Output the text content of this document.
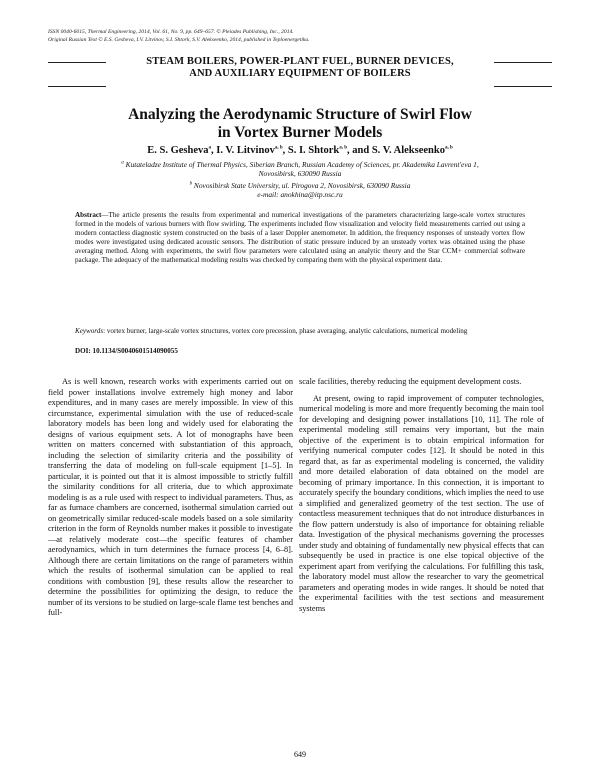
ISSN 0040-6015, Thermal Engineering, 2014, Vol. 61, No. 9, pp. 649–657. © Pleiades Publishing, Inc., 2014.
Original Russian Text © E.S. Gesheva, I.V. Litvinov, S.I. Shtork, S.V. Alekseenko, 2014, published in Teploenergetika.
STEAM BOILERS, POWER-PLANT FUEL, BURNER DEVICES,
AND AUXILIARY EQUIPMENT OF BOILERS
Analyzing the Aerodynamic Structure of Swirl Flow
in Vortex Burner Models
E. S. Gesheva$^a$, I. V. Litvinov$^{a, b}$, S. I. Shtork$^{a, b}$, and S. V. Alekseenko$^{a, b}$
$^a$ Kutateladze Institute of Thermal Physics, Siberian Branch, Russian Academy of Sciences, pr. Akademika Lavrent'eva 1,
Novosibirsk, 630090 Russia
$^b$ Novosibirsk State University, ul. Pirogova 2, Novosibirsk, 630090 Russia
e-mail: anokhina@itp.nsc.ru
Abstract—The article presents the results from experimental and numerical investigations of the parameters characterizing large-scale vortex structures formed in the models of various burners with flow swirling. The experiments included flow visualization and velocity field measurements carried out using a modern contactless diagnostic system constructed on the basis of a laser Doppler anemometer. In addition, the frequency responses of unsteady vortex flow modes were investigated using dedicated acoustic sensors. The distribution of static pressure induced by an unsteady vortex was obtained using the phase averaging method. Along with experiments, the swirl flow parameters were calculated using an analytic theory and the Star CCM+ commercial software package. The adequacy of the mathematical modeling results was checked by comparing them with the physical experiment data.
Keywords: vortex burner, large-scale vortex structures, vortex core precession, phase averaging, analytic calculations, numerical modeling
DOI: 10.1134/S0040601514090055

As is well known, research works with experiments carried out on field power installations involve extremely high money and labor expenditures, and in many cases are merely impossible. In view of this circumstance, experimental simulation with the use of reduced-scale laboratory models has been long and widely used for elaborating the designs of various equipment sets. A lot of monographs have been written on matters concerned with substantiation of this approach, including the selection of similarity criteria and the possibility of transferring the data of modeling on full-scale equipment [1–5]. In particular, it is pointed out that it is almost impossible to strictly fulfill the similarity conditions for all criteria, due to which approximate modeling is as a rule used with respect to individual parameters. Thus, as far as furnace chambers are concerned, isothermal simulation carried out on geometrically similar reduced-scale models based on a sole similarity criterion in the form of Reynolds number makes it possible to investigate—at relatively moderate cost—the specific features of chamber aerodynamics, which in turn determines the furnace process [4, 6–8]. Although there are certain limitations on the range of parameters within which the results of isothermal simulation can be applied to real conditions with combustion [9], these results allow the researcher to determine the possibilities for optimizing the design, to reduce the number of its versions to be studied on large-scale flame test benches and full-

scale facilities, thereby reducing the equipment development costs.

At present, owing to rapid improvement of computer technologies, numerical modeling is more and more frequently becoming the main tool for developing and designing power installations [10, 11]. The role of experimental modeling still remains very important, but the main objective of the experiment is to obtain empirical information for verifying numerical computer codes [12]. It should be noted in this regard that, as far as experimental modeling is concerned, the validity and more detailed elaboration of data obtained on the model are becoming of primary importance. In this connection, it is important to accurately specify the boundary conditions, which implies the need to use a simplified and generalized geometry of the test section. The use of contactless measurement techniques that do not introduce disturbances in the flow pattern understudy is also of importance for obtaining reliable data. Investigation of the physical mechanisms governing the processes under study and obtaining of fundamentally new physical effects that can subsequently be used in practice is one else topical objective of the experiment apart from verifying the calculations. For fulfilling this task, the laboratory model must allow the researcher to vary the geometrical parameters and operating modes in wide ranges. It should be noted that the experimental facilities with the test sections and measurement systems

649
